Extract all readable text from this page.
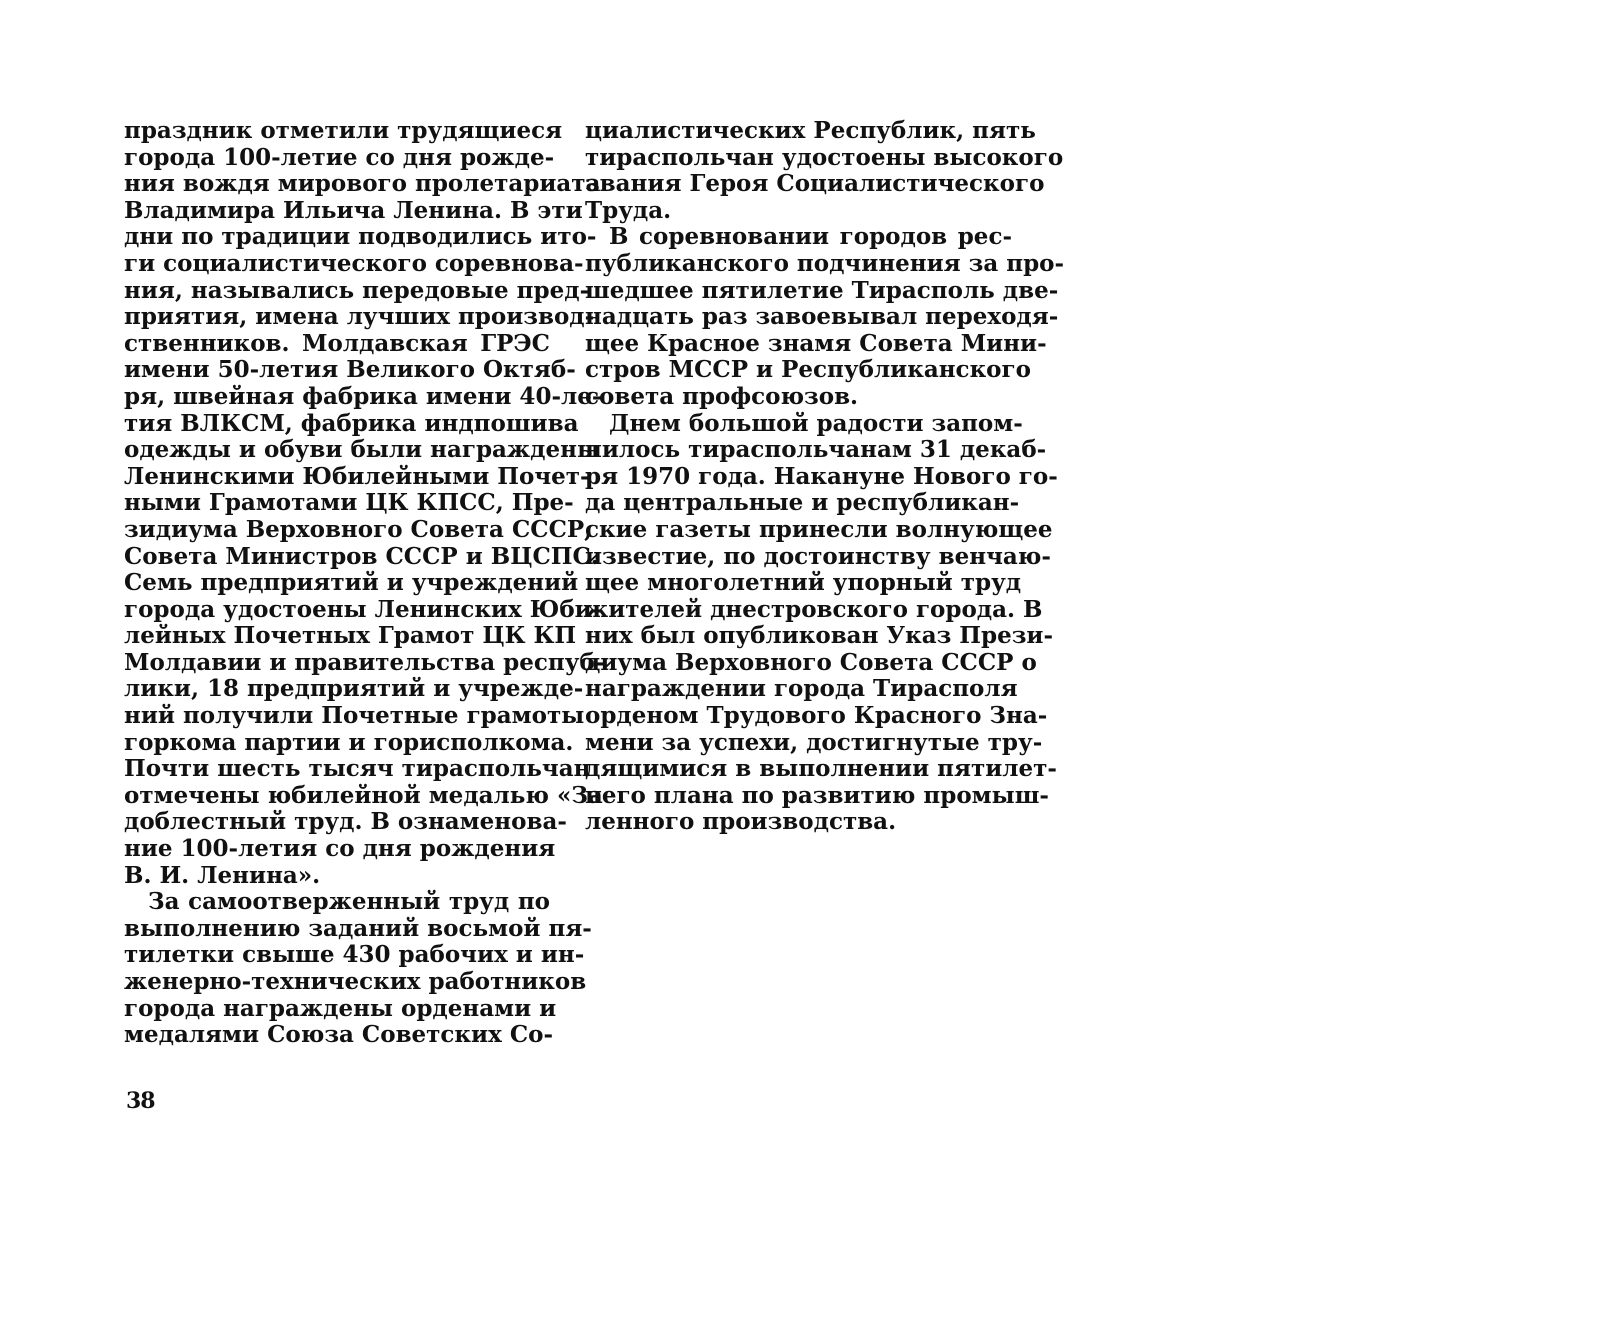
праздник отметили трудящиеся
города 100-летие со дня рожде-
ния вождя мирового пролетариата
Владимира Ильича Ленина. В эти
дни по традиции подводились ито-
ги социалистического соревнова-
ния, назывались передовые пред-
приятия, имена лучших производ-
ственников. Молдавская ГРЭС
имени 50-летия Великого Октяб-
ря, швейная фабрика имени 40-ле-
тия ВЛКСМ, фабрика индпошива
одежды и обуви были награждены
Ленинскими Юбилейными Почет-
ными Грамотами ЦК КПСС, Пре-
зидиума Верховного Совета СССР,
Совета Министров СССР и ВЦСПС.
Семь предприятий и учреждений
города удостоены Ленинских Юби-
лейных Почетных Грамот ЦК КП
Молдавии и правительства респуб-
лики, 18 предприятий и учрежде-
ний получили Почетные грамоты
горкома партии и горисполкома.
Почти шесть тысяч тираспольчан
отмечены юбилейной медалью «За
доблестный труд. В ознаменова-
ние 100-летия со дня рождения
В. И. Ленина».
За самоотверженный труд по
выполнению заданий восьмой пя-
тилетки свыше 430 рабочих и ин-
женерно-технических работников
города награждены орденами и
медалями Союза Советских Со-
циалистических Республик, пять
тираспольчан удостоены высокого
звания Героя Социалистического
Труда.
В соревновании городов рес-
публиканского подчинения за про-
шедшее пятилетие Тирасполь две-
надцать раз завоевывал переходя-
щее Красное знамя Совета Мини-
стров МССР и Республиканского
совета профсоюзов.
Днем большой радости запом-
нилось тираспольчанам 31 декаб-
ря 1970 года. Накануне Нового го-
да центральные и республикан-
ские газеты принесли волнующее
известие, по достоинству венчаю-
щее многолетний упорный труд
жителей днестровского города. В
них был опубликован Указ Прези-
диума Верховного Совета СССР о
награждении города Тирасполя
орденом Трудового Красного Зна-
мени за успехи, достигнутые тру-
дящимися в выполнении пятилет-
него плана по развитию промыш-
ленного производства.
38
